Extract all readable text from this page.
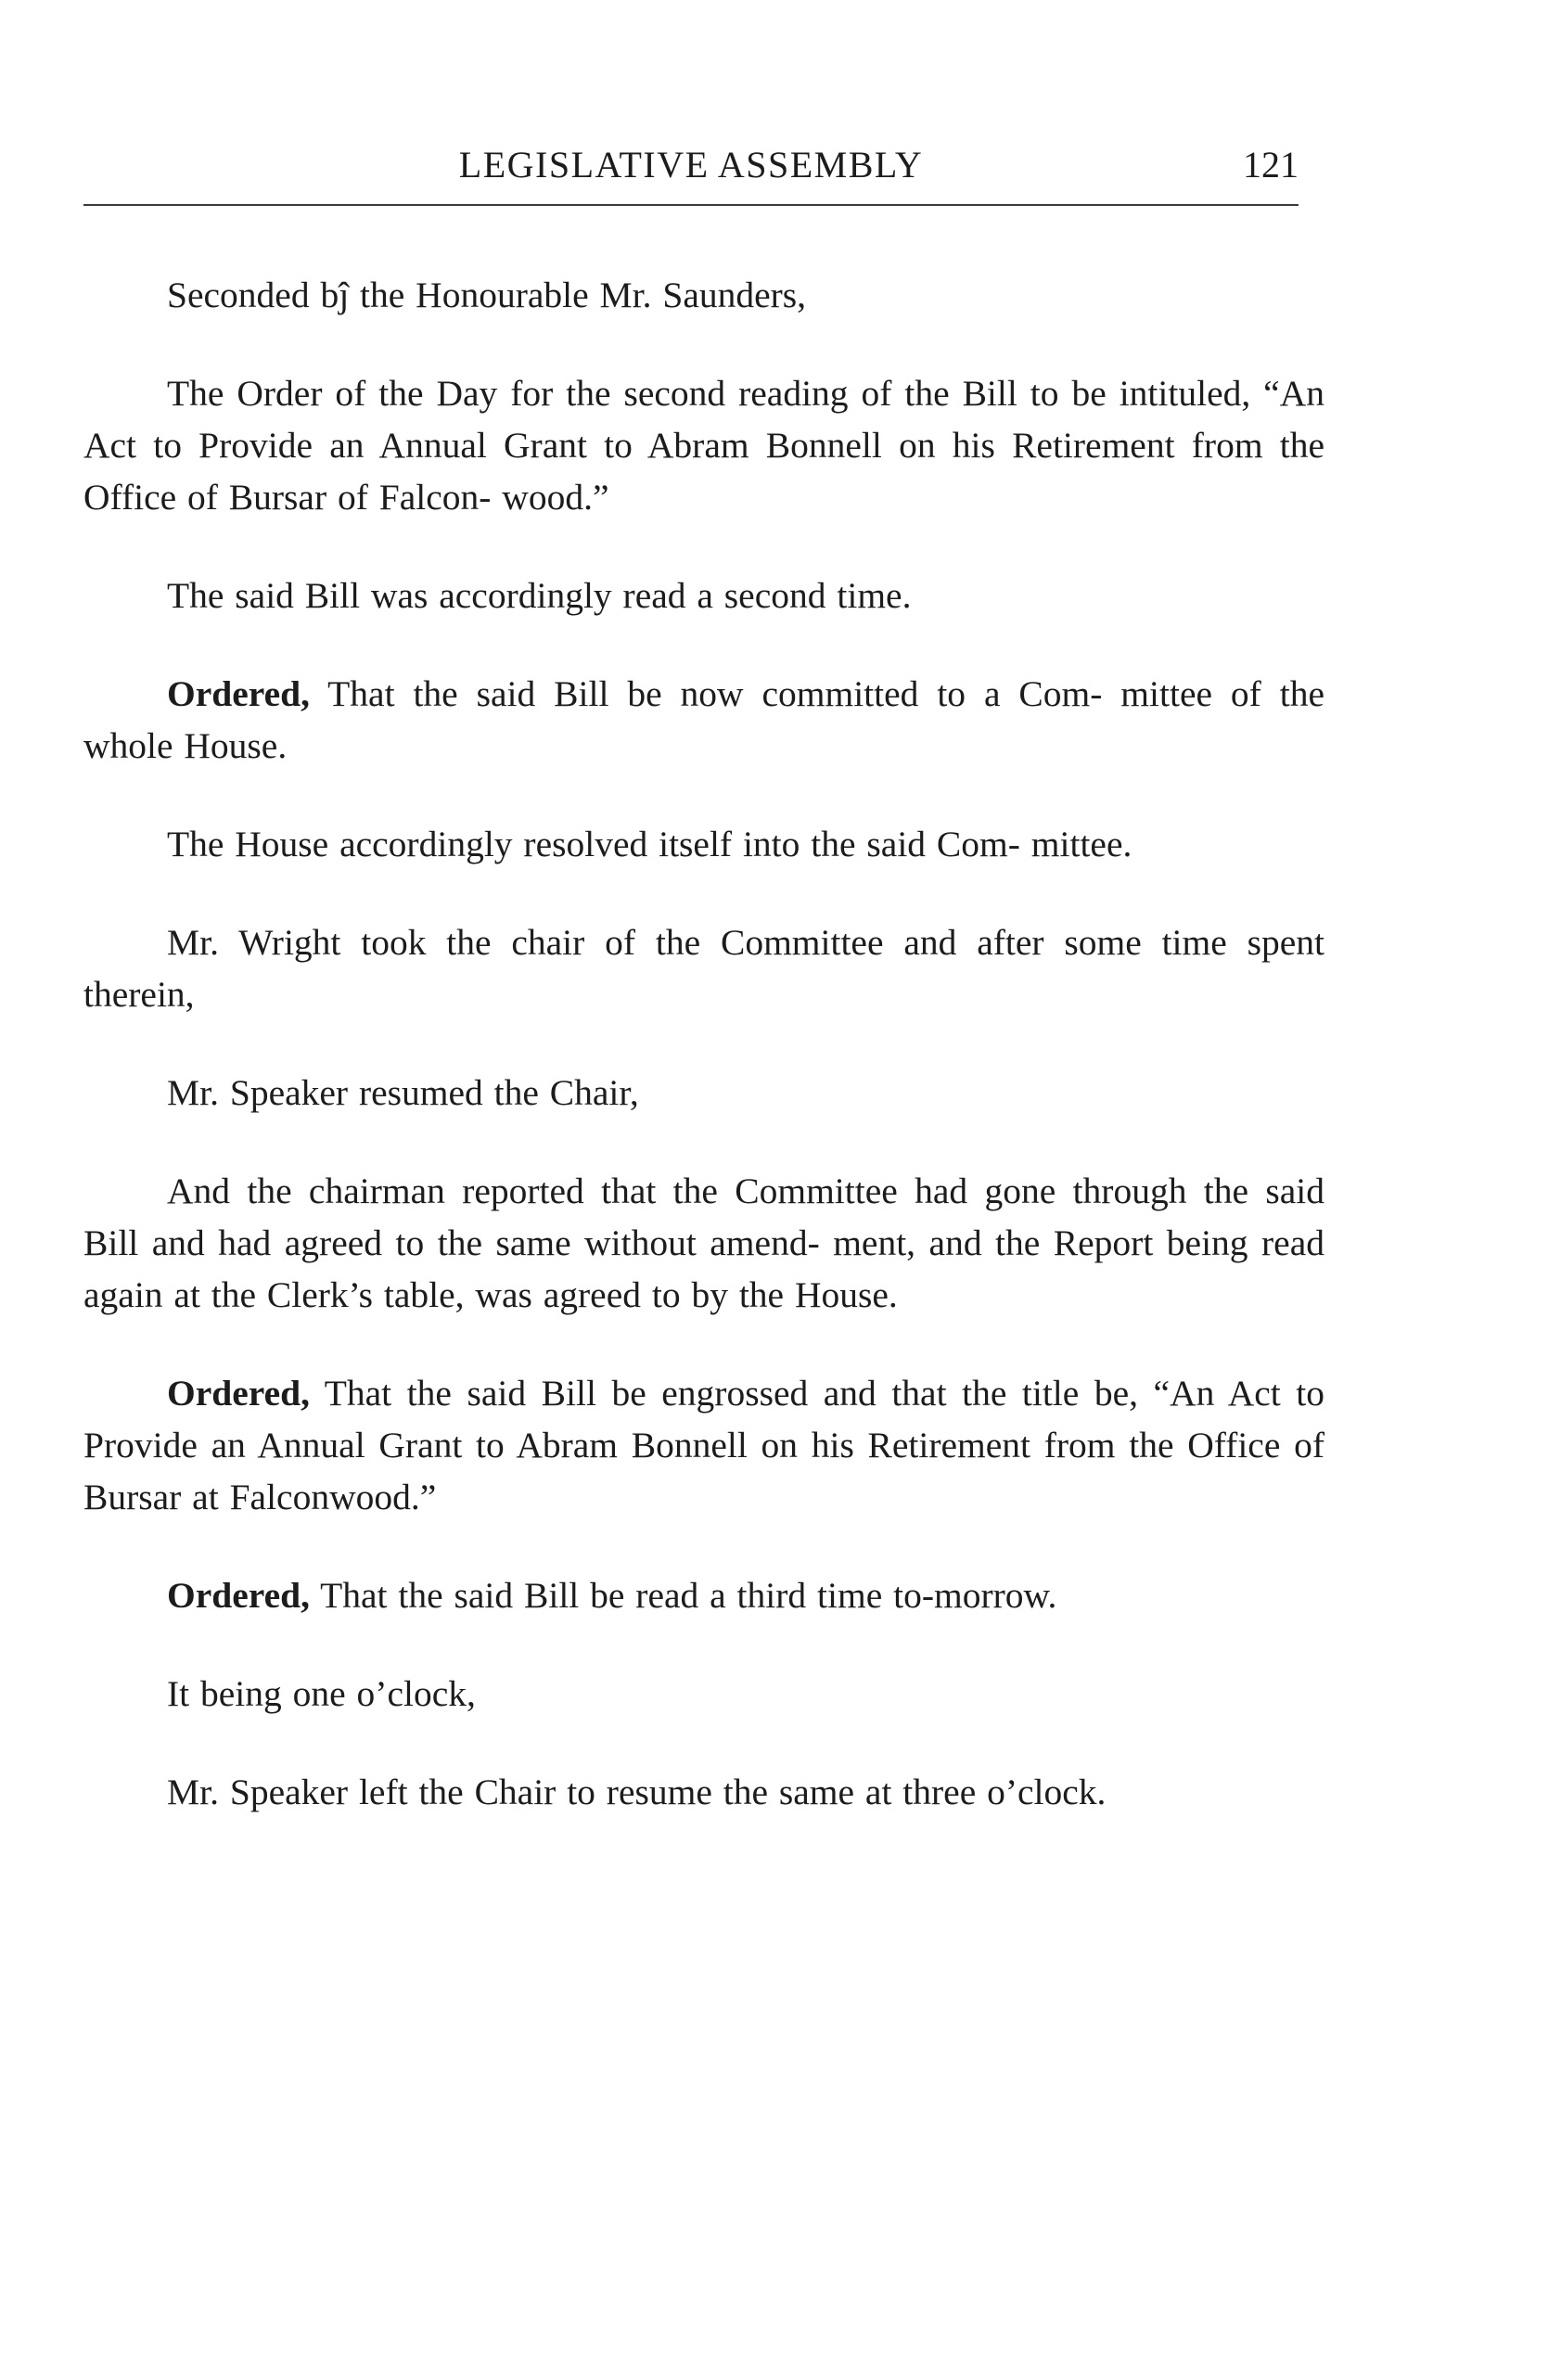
LEGISLATIVE ASSEMBLY	121

Seconded bĵ the Honourable Mr. Saunders,

The Order of the Day for the second reading of the Bill to be intituled, “An Act to Provide an Annual Grant to Abram Bonnell on his Retirement from the Office of Bursar of Falcon- wood.”

The said Bill was accordingly read a second time.

Ordered, That the said Bill be now committed to a Com- mittee of the whole House.

The House accordingly resolved itself into the said Com- mittee.

Mr. Wright took the chair of the Committee and after some time spent therein,

Mr. Speaker resumed the Chair,

And the chairman reported that the Committee had gone through the said Bill and had agreed to the same without amend- ment, and the Report being read again at the Clerk’s table, was agreed to by the House.

Ordered, That the said Bill be engrossed and that the title be, “An Act to Provide an Annual Grant to Abram Bonnell on his Retirement from the Office of Bursar at Falconwood.”

Ordered, That the said Bill be read a third time to-morrow.

It being one o’clock,

Mr. Speaker left the Chair to resume the same at three o’clock.
